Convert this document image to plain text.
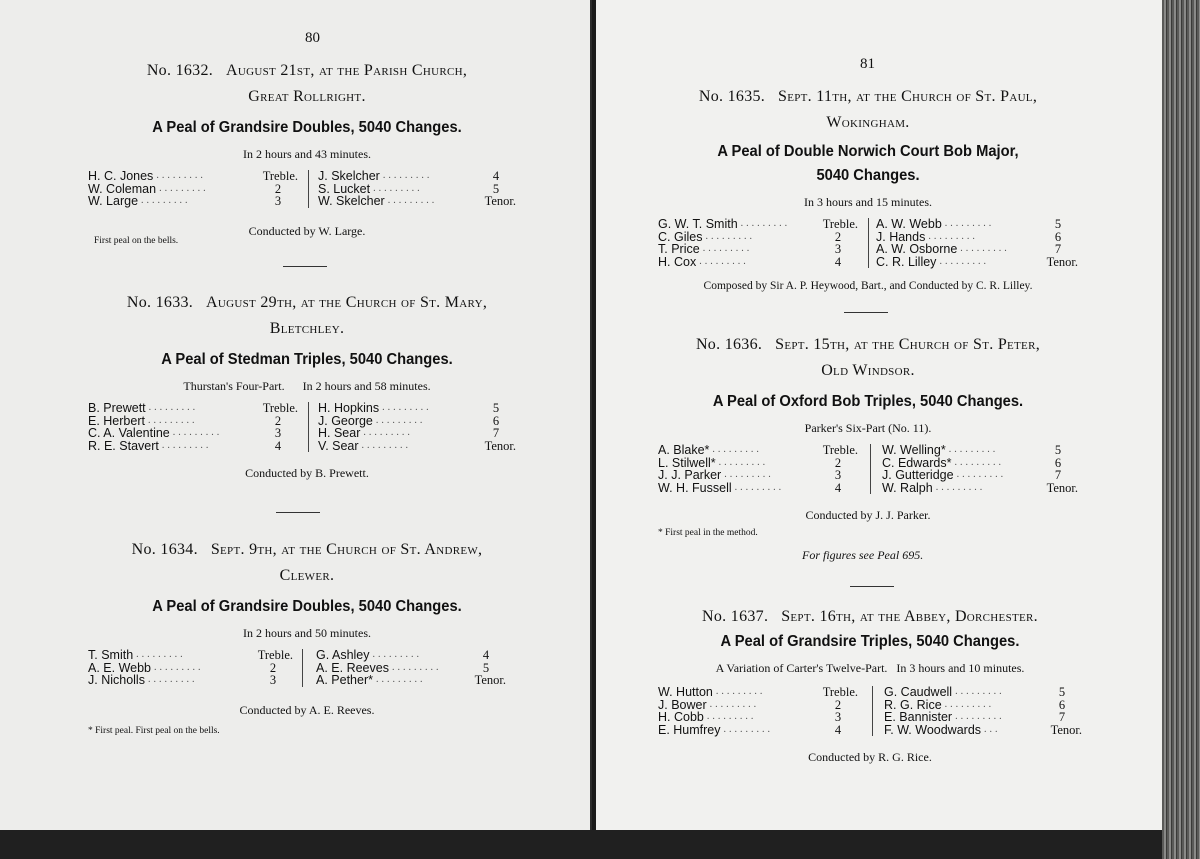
80
No. 1632. August 21st, at the Parish Church,
Great Rollright.
A Peal of Grandsire Doubles, 5040 Changes.
In 2 hours and 43 minutes.
H. C. Jones .........	Treble.
W. Coleman .........	2
W. Large .........	3
J. Skelcher .........	4
S. Lucket .........	5
W. Skelcher .........	Tenor.
Conducted by W. Large.
First peal on the bells.
No. 1633. August 29th, at the Church of St. Mary,
Bletchley.
A Peal of Stedman Triples, 5040 Changes.
Thurstan's Four-Part. In 2 hours and 58 minutes.
B. Prewett .........	Treble.
E. Herbert .........	2
C. A. Valentine .........	3
R. E. Stavert .........	4
H. Hopkins .........	5
J. George .........	6
H. Sear .........	7
V. Sear .........	Tenor.
Conducted by B. Prewett.
No. 1634. Sept. 9th, at the Church of St. Andrew,
Clewer.
A Peal of Grandsire Doubles, 5040 Changes.
In 2 hours and 50 minutes.
T. Smith .........	Treble.
A. E. Webb .........	2
J. Nicholls .........	3
G. Ashley .........	4
A. E. Reeves .........	5
A. Pether* .........	Tenor.
Conducted by A. E. Reeves.
* First peal. First peal on the bells.
81
No. 1635. Sept. 11th, at the Church of St. Paul,
Wokingham.
A Peal of Double Norwich Court Bob Major,
5040 Changes.
In 3 hours and 15 minutes.
G. W. T. Smith .........	Treble.
C. Giles .........	2
T. Price .........	3
H. Cox .........	4
A. W. Webb .........	5
J. Hands .........	6
A. W. Osborne .........	7
C. R. Lilley .........	Tenor.
Composed by Sir A. P. Heywood, Bart., and Conducted by C. R. Lilley.
No. 1636. Sept. 15th, at the Church of St. Peter,
Old Windsor.
A Peal of Oxford Bob Triples, 5040 Changes.
Parker's Six-Part (No. 11).
A. Blake* .........	Treble.
L. Stilwell* .........	2
J. J. Parker .........	3
W. H. Fussell .........	4
W. Welling* .........	5
C. Edwards* .........	6
J. Gutteridge .........	7
W. Ralph .........	Tenor.
Conducted by J. J. Parker.
* First peal in the method.
For figures see Peal 695.
No. 1637. Sept. 16th, at the Abbey, Dorchester.
A Peal of Grandsire Triples, 5040 Changes.
A Variation of Carter's Twelve-Part. In 3 hours and 10 minutes.
W. Hutton .........	Treble.
J. Bower .........	2
H. Cobb .........	3
E. Humfrey .........	4
G. Caudwell .........	5
R. G. Rice .........	6
E. Bannister .........	7
F. W. Woodwards ...	Tenor.
Conducted by R. G. Rice.
